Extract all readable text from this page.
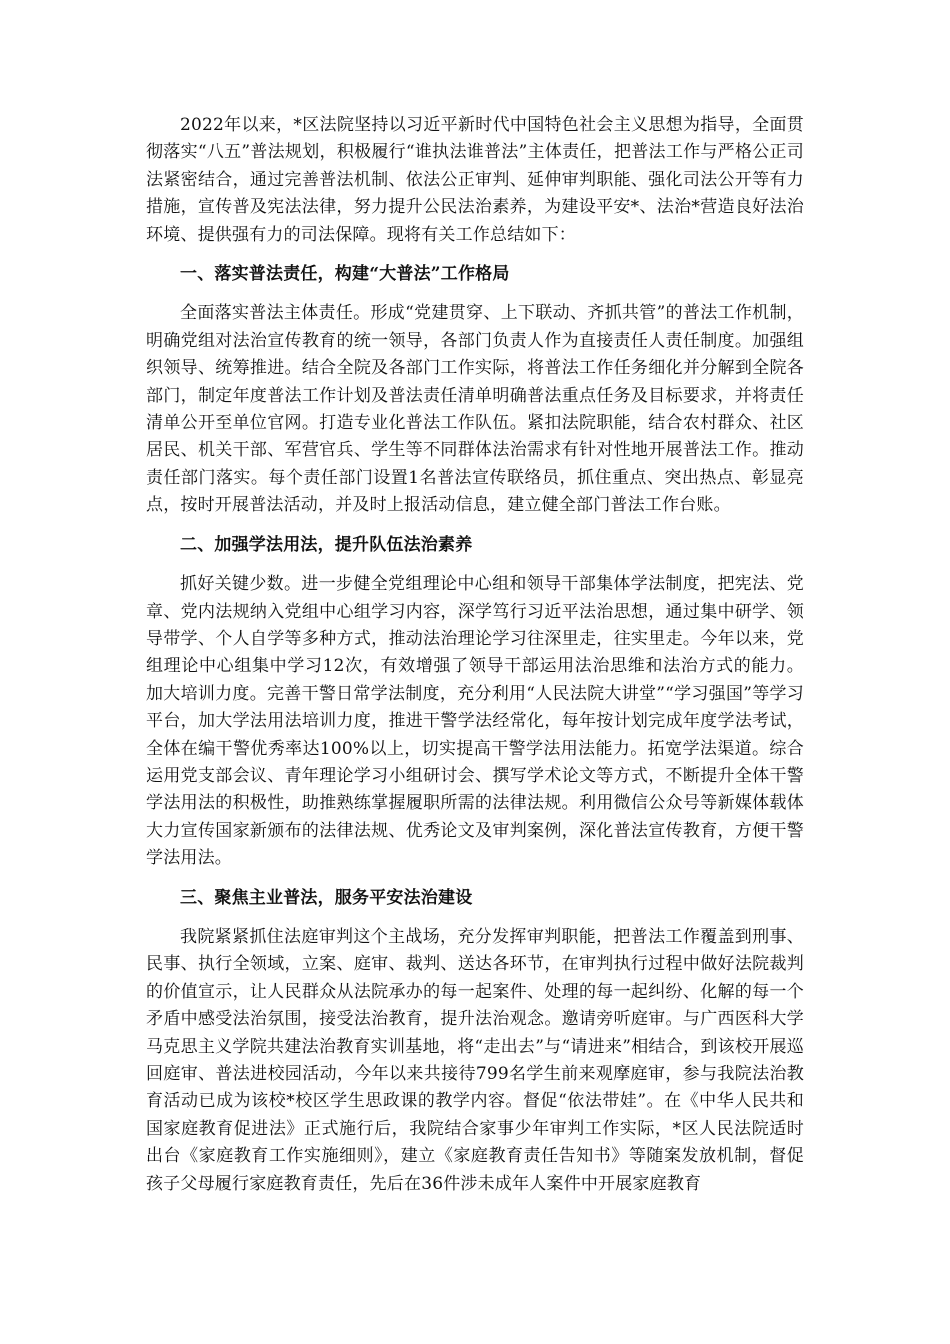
2022年以来，*区法院坚持以习近平新时代中国特色社会主义思想为指导，全面贯彻落实“八五”普法规划，积极履行“谁执法谁普法”主体责任，把普法工作与严格公正司法紧密结合，通过完善普法机制、依法公正审判、延伸审判职能、强化司法公开等有力措施，宣传普及宪法法律，努力提升公民法治素养，为建设平安*、法治*营造良好法治环境、提供强有力的司法保障。现将有关工作总结如下：

一、落实普法责任，构建“大普法”工作格局

全面落实普法主体责任。形成“党建贯穿、上下联动、齐抓共管”的普法工作机制，明确党组对法治宣传教育的统一领导，各部门负责人作为直接责任人责任制度。加强组织领导、统筹推进。结合全院及各部门工作实际，将普法工作任务细化并分解到全院各部门，制定年度普法工作计划及普法责任清单明确普法重点任务及目标要求，并将责任清单公开至单位官网。打造专业化普法工作队伍。紧扣法院职能，结合农村群众、社区居民、机关干部、军营官兵、学生等不同群体法治需求有针对性地开展普法工作。推动责任部门落实。每个责任部门设置1名普法宣传联络员，抓住重点、突出热点、彰显亮点，按时开展普法活动，并及时上报活动信息，建立健全部门普法工作台账。

二、加强学法用法，提升队伍法治素养

抓好关键少数。进一步健全党组理论中心组和领导干部集体学法制度，把宪法、党章、党内法规纳入党组中心组学习内容，深学笃行习近平法治思想，通过集中研学、领导带学、个人自学等多种方式，推动法治理论学习往深里走，往实里走。今年以来，党组理论中心组集中学习12次，有效增强了领导干部运用法治思维和法治方式的能力。加大培训力度。完善干警日常学法制度，充分利用“人民法院大讲堂”“学习强国”等学习平台，加大学法用法培训力度，推进干警学法经常化，每年按计划完成年度学法考试，全体在编干警优秀率达100%以上，切实提高干警学法用法能力。拓宽学法渠道。综合运用党支部会议、青年理论学习小组研讨会、撰写学术论文等方式，不断提升全体干警学法用法的积极性，助推熟练掌握履职所需的法律法规。利用微信公众号等新媒体载体大力宣传国家新颁布的法律法规、优秀论文及审判案例，深化普法宣传教育，方便干警学法用法。

三、聚焦主业普法，服务平安法治建设

我院紧紧抓住法庭审判这个主战场，充分发挥审判职能，把普法工作覆盖到刑事、民事、执行全领域，立案、庭审、裁判、送达各环节，在审判执行过程中做好法院裁判的价值宣示，让人民群众从法院承办的每一起案件、处理的每一起纠纷、化解的每一个矛盾中感受法治氛围，接受法治教育，提升法治观念。邀请旁听庭审。与广西医科大学马克思主义学院共建法治教育实训基地，将“走出去”与“请进来”相结合，到该校开展巡回庭审、普法进校园活动，今年以来共接待799名学生前来观摩庭审，参与我院法治教育活动已成为该校*校区学生思政课的教学内容。督促“依法带娃”。在《中华人民共和国家庭教育促进法》正式施行后，我院结合家事少年审判工作实际，*区人民法院适时出台《家庭教育工作实施细则》，建立《家庭教育责任告知书》等随案发放机制，督促孩子父母履行家庭教育责任，先后在36件涉未成年人案件中开展家庭教育
